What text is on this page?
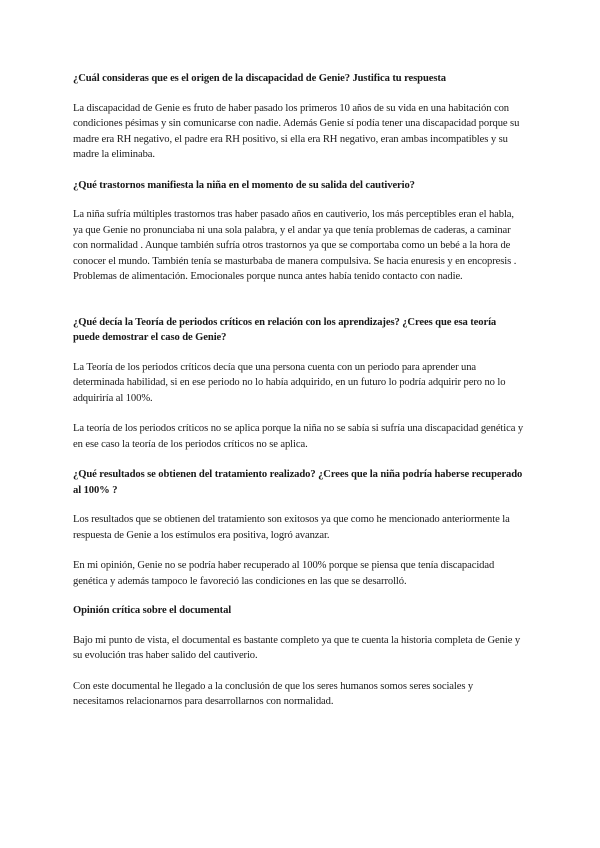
¿Cuál consideras que es el origen de la discapacidad de Genie? Justifica tu respuesta

La discapacidad de Genie es fruto de haber pasado los primeros 10 años de su vida en una habitación con condiciones pésimas y sin comunicarse con nadie. Además Genie sí podía tener una discapacidad porque su madre era RH negativo, el padre era RH positivo, si ella era RH negativo, eran ambas incompatibles y su madre la eliminaba.

¿Qué trastornos manifiesta la niña en el momento de su salida del cautiverio?

La niña sufría múltiples trastornos tras haber pasado años en cautiverio, los más perceptibles eran el habla, ya que Genie no pronunciaba ni una sola palabra, y el andar ya que tenía problemas de caderas, a caminar con normalidad . Aunque también sufría otros trastornos ya que se comportaba como un bebé a la hora de conocer el mundo. También tenía se masturbaba de manera compulsiva. Se hacia enuresis y en encopresis . Problemas de alimentación. Emocionales porque nunca antes había tenido contacto con nadie.

¿Qué decía la Teoría de periodos críticos en relación con los aprendizajes? ¿Crees que esa teoría puede demostrar el caso de Genie?

La Teoría de los periodos críticos decía que una persona cuenta con un periodo para aprender una determinada habilidad, si en ese periodo no lo había adquirido, en un futuro lo podría adquirir pero no lo adquiriría al 100%.

La teoría de los periodos críticos no se aplica porque la niña no se sabía si sufría una discapacidad genética y en ese caso la teoría de los periodos críticos no se aplica.

¿Qué resultados se obtienen del tratamiento realizado? ¿Crees que la niña podría haberse recuperado al 100% ?

Los resultados que se obtienen del tratamiento son exitosos ya que como he mencionado anteriormente la respuesta de Genie a los estímulos era positiva, logró avanzar.

En mi opinión, Genie no se podría haber recuperado al 100% porque se piensa que tenía discapacidad genética y además tampoco le favoreció las condiciones en las que se desarrolló.

Opinión crítica sobre el documental

Bajo mi punto de vista, el documental es bastante completo ya que te cuenta la historia completa de Genie y su evolución tras haber salido del cautiverio.

Con este documental he llegado a la conclusión de que los seres humanos somos seres sociales y necesitamos relacionarnos para desarrollarnos con normalidad.
